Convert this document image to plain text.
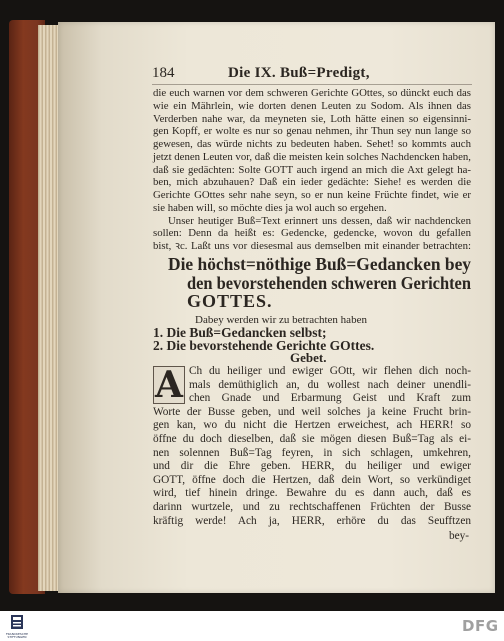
184	Die IX. Buß=Predigt,
die euch warnen vor dem schweren Gerichte GOttes, so dünckt euch das
wie ein Mährlein, wie dorten denen Leuten zu Sodom. Als ihnen das
Verderben nahe war, da meyneten sie, Loth hätte einen so eigensinni-
gen Kopff, er wolte es nur so genau nehmen, ihr Thun sey nun lange so
gewesen, das würde nichts zu bedeuten haben. Sehet! so kommts auch
jetzt denen Leuten vor, daß die meisten kein solches Nachdencken haben,
daß sie gedächten: Solte GOTT auch irgend an mich die Axt gelegt ha-
ben, mich abzuhauen? Daß ein ieder gedächte: Siehe! es werden die
Gerichte GOttes sehr nahe seyn, so er nun keine Früchte findet, wie er
sie haben will, so möchte dies ja wol auch so ergehen.
Unser heutiger Buß=Text erinnert uns dessen, daß wir nachdencken
sollen: Denn da heißt es: Gedencke, gedencke, wovon du gefallen
bist, ꝛc. Laßt uns vor diesesmal aus demselben mit einander betrachten:
Die höchst=nöthige Buß=Gedancken bey
den bevorstehenden schweren Gerichten
GOTTES.
Dabey werden wir zu betrachten haben
1. Die Buß=Gedancken selbst;
2. Die bevorstehende Gerichte GOttes.
Gebet.
A Ch du heiliger und ewiger GOtt, wir flehen dich noch-
mals demüthiglich an, du wollest nach deiner unendli-
chen Gnade und Erbarmung Geist und Kraft zum
Worte der Busse geben, und weil solches ja keine Frucht brin-
gen kan, wo du nicht die Hertzen erweichest, ach HERR! so
öffne du doch dieselben, daß sie mögen diesen Buß=Tag als ei-
nen solennen Buß=Tag feyren, in sich schlagen, umkehren,
und dir die Ehre geben. HERR, du heiliger und ewiger
GOTT, öffne doch die Hertzen, daß dein Wort, so verkündiget
wird, tief hinein dringe. Bewahre du es dann auch, daß es
darinn wurtzele, und zu rechtschaffenen Früchten der Busse
kräftig werde! Ach ja, HERR, erhöre du das Seufftzen
bey-
FRANCKESCHE STIFTUNGEN
DFG
